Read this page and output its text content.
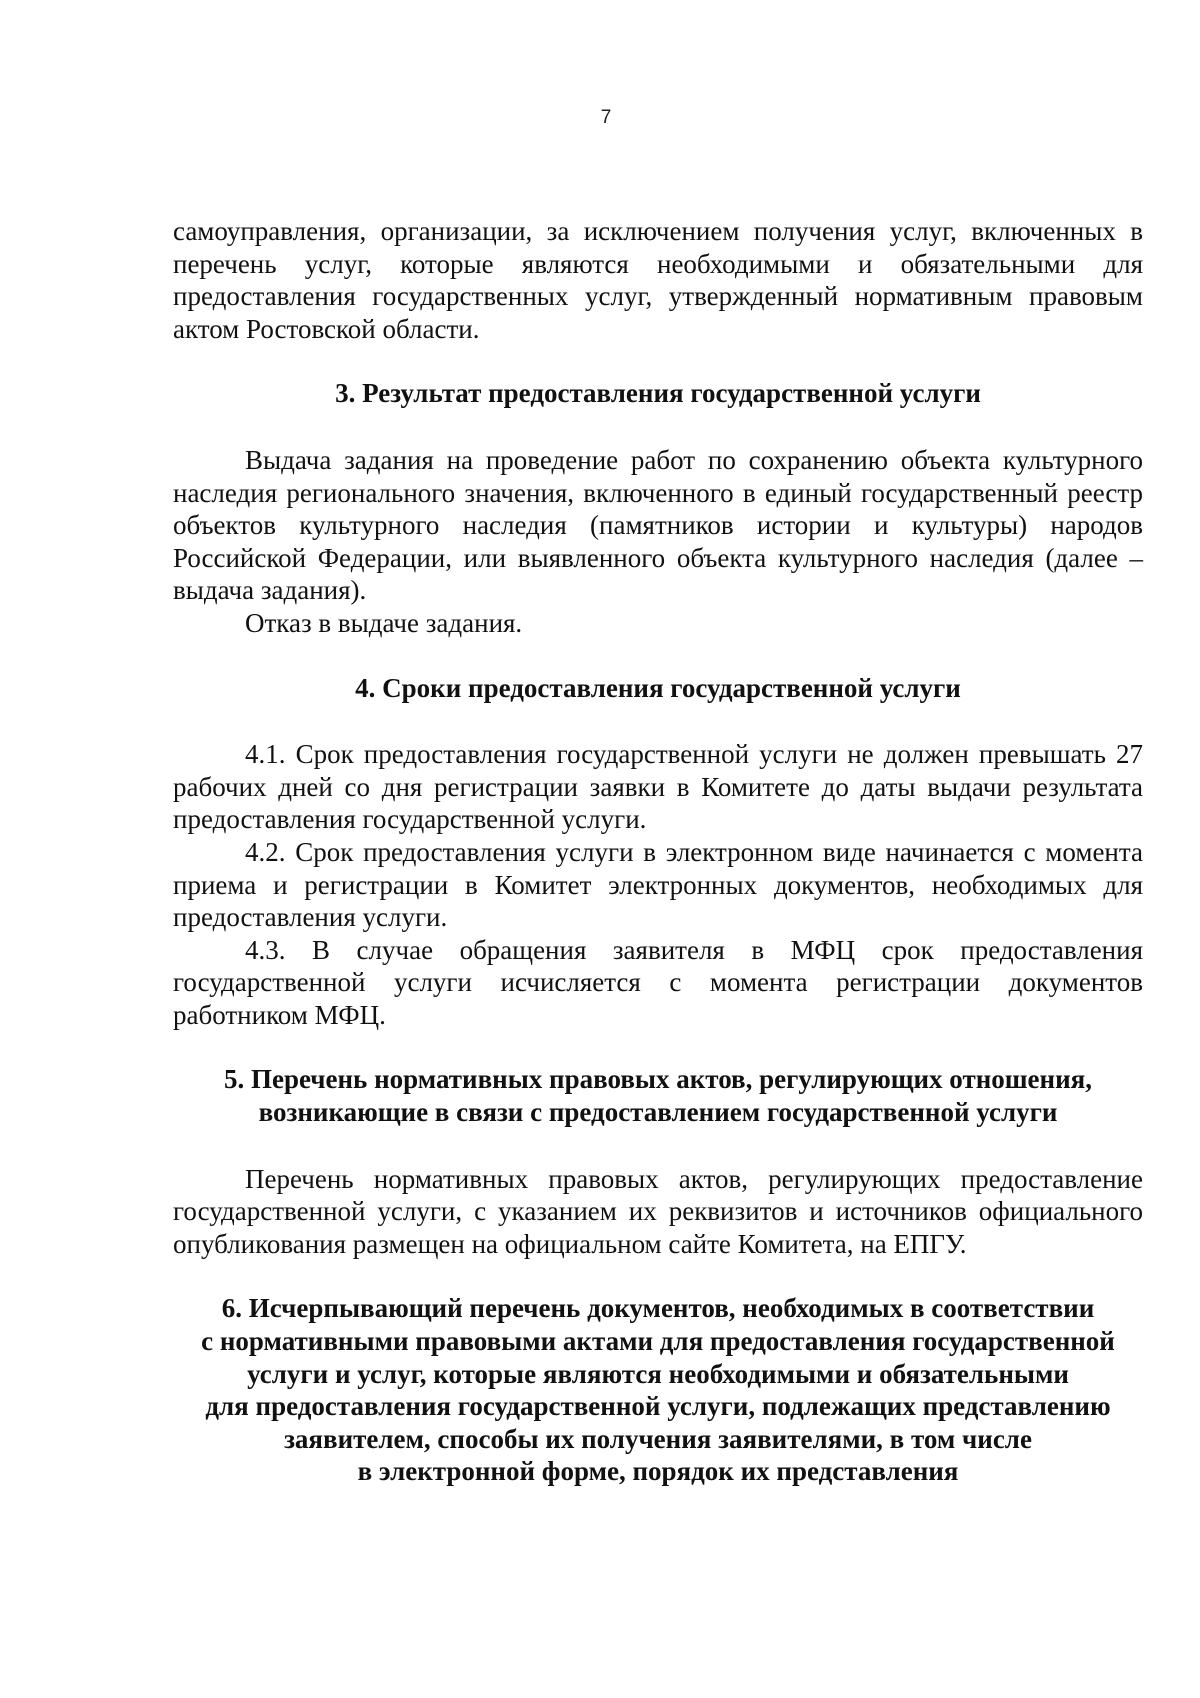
7

самоуправления, организации, за исключением получения услуг, включенных в перечень услуг, которые являются необходимыми и обязательными для предоставления государственных услуг, утвержденный нормативным правовым актом Ростовской области.

3. Результат предоставления государственной услуги

Выдача задания на проведение работ по сохранению объекта культурного наследия регионального значения, включенного в единый государственный реестр объектов культурного наследия (памятников истории и культуры) народов Российской Федерации, или выявленного объекта культурного наследия (далее –выдача задания).

Отказ в выдаче задания.

4. Сроки предоставления государственной услуги

4.1. Срок предоставления государственной услуги не должен превышать 27 рабочих дней со дня регистрации заявки в Комитете до даты выдачи результата предоставления государственной услуги.

4.2. Срок предоставления услуги в электронном виде начинается с момента приема и регистрации в Комитет электронных документов, необходимых для предоставления услуги.

4.3. В случае обращения заявителя в МФЦ срок предоставления государственной услуги исчисляется с момента регистрации документов работником МФЦ.

5. Перечень нормативных правовых актов, регулирующих отношения,
возникающие в связи с предоставлением государственной услуги

Перечень нормативных правовых актов, регулирующих предоставление государственной услуги, с указанием их реквизитов и источников официального опубликования размещен на официальном сайте Комитета, на ЕПГУ.

6. Исчерпывающий перечень документов, необходимых в соответствии
с нормативными правовыми актами для предоставления государственной
услуги и услуг, которые являются необходимыми и обязательными
для предоставления государственной услуги, подлежащих представлению
заявителем, способы их получения заявителями, в том числе
в электронной форме, порядок их представления
